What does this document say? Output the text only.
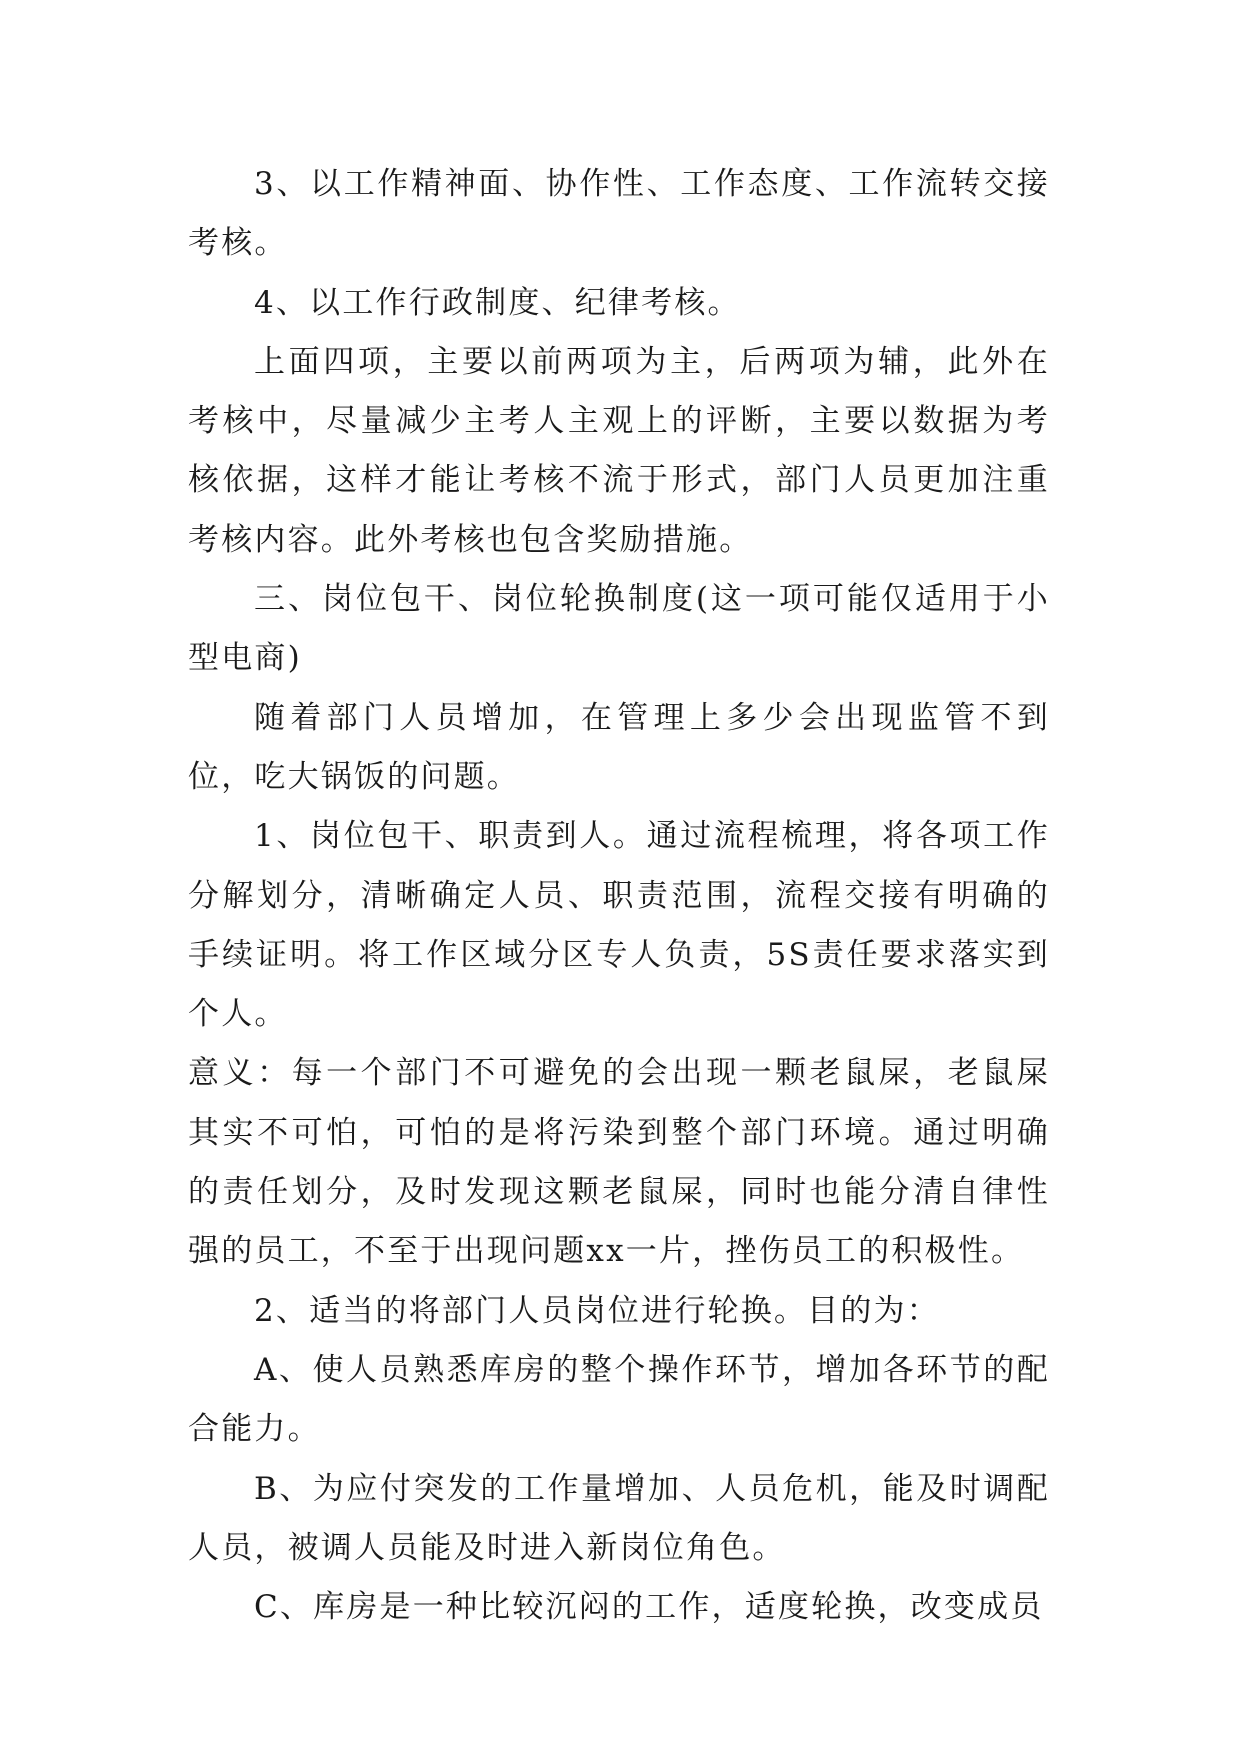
3、以工作精神面、协作性、工作态度、工作流转交接考核。

4、以工作行政制度、纪律考核。

上面四项，主要以前两项为主，后两项为辅，此外在考核中，尽量减少主考人主观上的评断，主要以数据为考核依据，这样才能让考核不流于形式，部门人员更加注重考核内容。此外考核也包含奖励措施。

三、岗位包干、岗位轮换制度(这一项可能仅适用于小型电商)

随着部门人员增加，在管理上多少会出现监管不到位，吃大锅饭的问题。

1、岗位包干、职责到人。通过流程梳理，将各项工作分解划分，清晰确定人员、职责范围，流程交接有明确的手续证明。将工作区域分区专人负责，5S责任要求落实到个人。

意义：每一个部门不可避免的会出现一颗老鼠屎，老鼠屎其实不可怕，可怕的是将污染到整个部门环境。通过明确的责任划分，及时发现这颗老鼠屎，同时也能分清自律性强的员工，不至于出现问题xx一片，挫伤员工的积极性。

2、适当的将部门人员岗位进行轮换。目的为：

A、使人员熟悉库房的整个操作环节，增加各环节的配合能力。

B、为应付突发的工作量增加、人员危机，能及时调配人员，被调人员能及时进入新岗位角色。

C、库房是一种比较沉闷的工作，适度轮换，改变成员
